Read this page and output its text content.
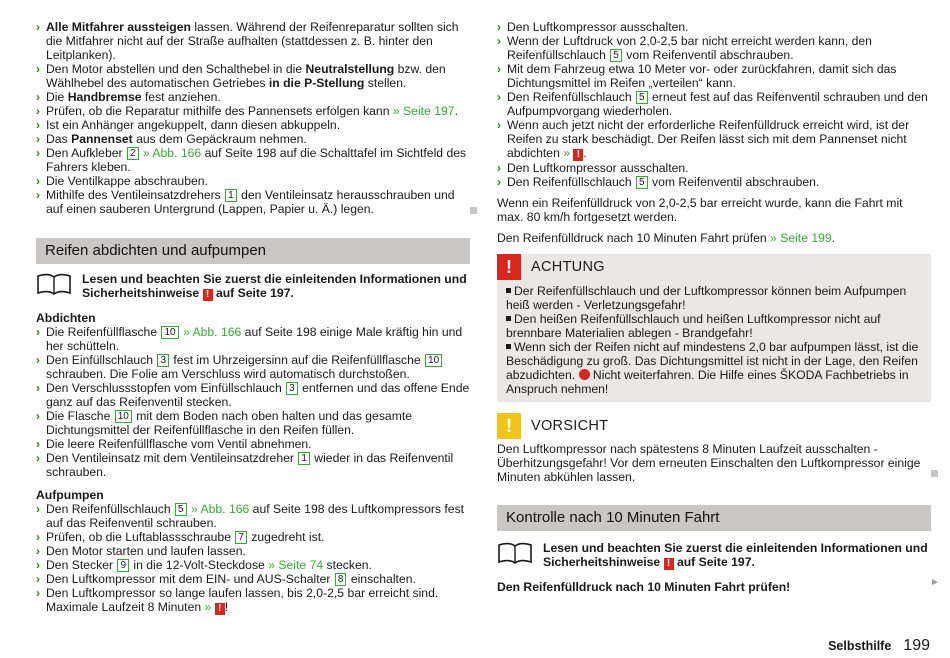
› Alle Mitfahrer aussteigen lassen. Während der Reifenreparatur sollten sich die Mitfahrer nicht auf der Straße aufhalten (stattdessen z. B. hinter den Leitplanken).

› Den Motor abstellen und den Schalthebel in die Neutralstellung bzw. den Wählhebel des automatischen Getriebes in die P-Stellung stellen.

› Die Handbremse fest anziehen.

› Prüfen, ob die Reparatur mithilfe des Pannensets erfolgen kann » Seite 197.

› Ist ein Anhänger angekuppelt, dann diesen abkuppeln.

› Das Pannenset aus dem Gepäckraum nehmen.

› Den Aufkleber 2 » Abb. 166 auf Seite 198 auf die Schalttafel im Sichtfeld des Fahrers kleben.

› Die Ventilkappe abschrauben.

› Mithilfe des Ventileinsatzdrehers 1 den Ventileinsatz herausschrauben und auf einen sauberen Untergrund (Lappen, Papier u. Ä.) legen.

Reifen abdichten und aufpumpen

Lesen und beachten Sie zuerst die einleitenden Informationen und
Sicherheitshinweise ! auf Seite 197.

Abdichten

› Die Reifenfüllflasche 10 » Abb. 166 auf Seite 198 einige Male kräftig hin und her schütteln.

› Den Einfüllschlauch 3 fest im Uhrzeigersinn auf die Reifenfüllflasche 10 schrauben. Die Folie am Verschluss wird automatisch durchstoßen.

› Den Verschlussstopfen vom Einfüllschlauch 3 entfernen und das offene Ende ganz auf das Reifenventil stecken.

› Die Flasche 10 mit dem Boden nach oben halten und das gesamte Dichtungsmittel der Reifenfüllflasche in den Reifen füllen.

› Die leere Reifenfüllflasche vom Ventil abnehmen.

› Den Ventileinsatz mit dem Ventileinsatzdreher 1 wieder in das Reifenventil schrauben.

Aufpumpen

› Den Reifenfüllschlauch 5 » Abb. 166 auf Seite 198 des Luftkompressors fest auf das Reifenventil schrauben.

› Prüfen, ob die Luftablassschraube 7 zugedreht ist.

› Den Motor starten und laufen lassen.

› Den Stecker 9 in die 12-Volt-Steckdose » Seite 74 stecken.

› Den Luftkompressor mit dem EIN- und AUS-Schalter 8 einschalten.

› Den Luftkompressor so lange laufen lassen, bis 2,0-2,5 bar erreicht sind. Maximale Laufzeit 8 Minuten » ! !

› Den Luftkompressor ausschalten.

› Wenn der Luftdruck von 2,0-2,5 bar nicht erreicht werden kann, den Reifenfüllschlauch 5 vom Reifenventil abschrauben.

› Mit dem Fahrzeug etwa 10 Meter vor- oder zurückfahren, damit sich das Dichtungsmittel im Reifen „verteilen“ kann.

› Den Reifenfüllschlauch 5 erneut fest auf das Reifenventil schrauben und den Aufpumpvorgang wiederholen.

› Wenn auch jetzt nicht der erforderliche Reifenfülldruck erreicht wird, ist der Reifen zu stark beschädigt. Der Reifen lässt sich mit dem Pannenset nicht abdichten » ! .

› Den Luftkompressor ausschalten.

› Den Reifenfüllschlauch 5 vom Reifenventil abschrauben.

Wenn ein Reifenfülldruck von 2,0-2,5 bar erreicht wurde, kann die Fahrt mit max. 80 km/h fortgesetzt werden.

Den Reifenfülldruck nach 10 Minuten Fahrt prüfen » Seite 199.

!	ACHTUNG

Der Reifenfüllschlauch und der Luftkompressor können beim Aufpumpen heiß werden - Verletzungsgefahr!

Den heißen Reifenfüllschlauch und heißen Luftkompressor nicht auf brennbare Materialien ablegen - Brandgefahr!

Wenn sich der Reifen nicht auf mindestens 2,0 bar aufpumpen lässt, ist die Beschädigung zu groß. Das Dichtungsmittel ist nicht in der Lage, den Reifen abzudichten.  Nicht weiterfahren. Die Hilfe eines ŠKODA Fachbetriebs in Anspruch nehmen!

!	VORSICHT

Den Luftkompressor nach spätestens 8 Minuten Laufzeit ausschalten - Überhitzungsgefahr! Vor dem erneuten Einschalten den Luftkompressor einige Minuten abkühlen lassen.

Kontrolle nach 10 Minuten Fahrt

Lesen und beachten Sie zuerst die einleitenden Informationen und
Sicherheitshinweise ! auf Seite 197.

Den Reifenfülldruck nach 10 Minuten Fahrt prüfen!	►
Selbsthilfe 199
